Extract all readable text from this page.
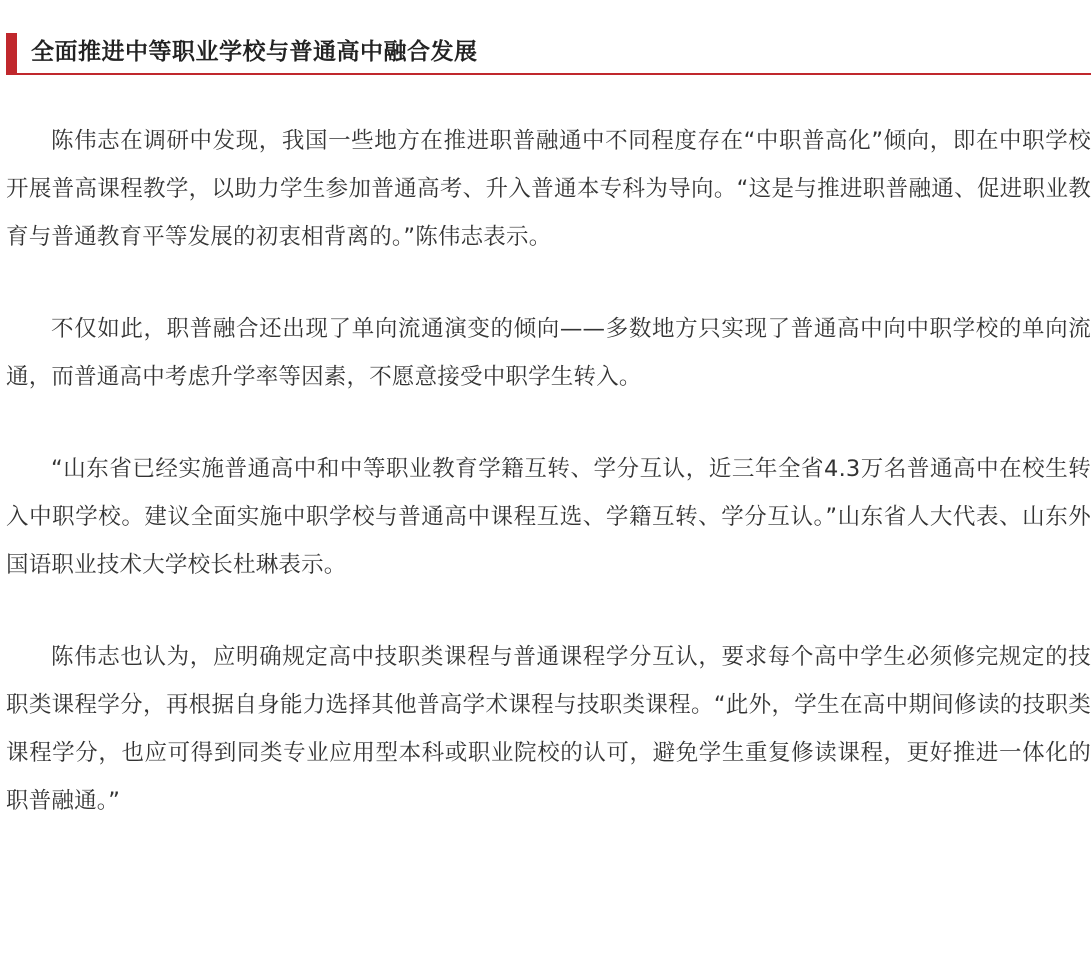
全面推进中等职业学校与普通高中融合发展

陈伟志在调研中发现，我国一些地方在推进职普融通中不同程度存在“中职普高化”倾向，即在中职学校开展普高课程教学，以助力学生参加普通高考、升入普通本专科为导向。“这是与推进职普融通、促进职业教育与普通教育平等发展的初衷相背离的。”陈伟志表示。

不仅如此，职普融合还出现了单向流通演变的倾向——多数地方只实现了普通高中向中职学校的单向流通，而普通高中考虑升学率等因素，不愿意接受中职学生转入。

“山东省已经实施普通高中和中等职业教育学籍互转、学分互认，近三年全省4.3万名普通高中在校生转入中职学校。建议全面实施中职学校与普通高中课程互选、学籍互转、学分互认。”山东省人大代表、山东外国语职业技术大学校长杜琳表示。

陈伟志也认为，应明确规定高中技职类课程与普通课程学分互认，要求每个高中学生必须修完规定的技职类课程学分，再根据自身能力选择其他普高学术课程与技职类课程。“此外，学生在高中期间修读的技职类课程学分，也应可得到同类专业应用型本科或职业院校的认可，避免学生重复修读课程，更好推进一体化的职普融通。”
